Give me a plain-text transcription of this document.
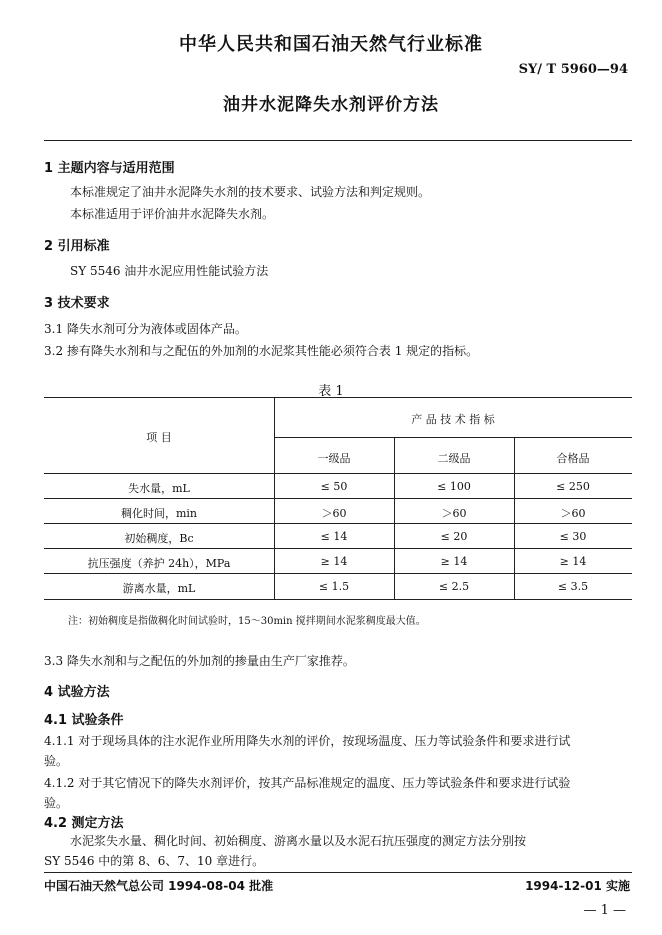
中华人民共和国石油天然气行业标准
SY/ T 5960—94
油井水泥降失水剂评价方法
1 主题内容与适用范围
本标准规定了油井水泥降失水剂的技术要求、试验方法和判定规则。
本标准适用于评价油井水泥降失水剂。
2 引用标准
SY 5546 油井水泥应用性能试验方法
3 技术要求
3.1 降失水剂可分为液体或固体产品。
3.2 掺有降失水剂和与之配伍的外加剂的水泥浆其性能必须符合表 1 规定的指标。
表 1
项 目
产 品 技 术 指 标
一级品	二级品	合格品
失水量，mL	≤ 50	≤ 100	≤ 250
稠化时间，min	＞60	＞60	＞60
初始稠度，Bc	≤ 14	≤ 20	≤ 30
抗压强度（养护 24h），MPa	≥ 14	≥ 14	≥ 14
游离水量，mL	≤ 1.5	≤ 2.5	≤ 3.5
注：初始稠度是指做稠化时间试验时，15～30min 搅拌期间水泥浆稠度最大值。
3.3 降失水剂和与之配伍的外加剂的掺量由生产厂家推荐。
4 试验方法
4.1 试验条件
4.1.1 对于现场具体的注水泥作业所用降失水剂的评价，按现场温度、压力等试验条件和要求进行试
验。
4.1.2 对于其它情况下的降失水剂评价，按其产品标准规定的温度、压力等试验条件和要求进行试验
验。
4.2 测定方法
水泥浆失水量、稠化时间、初始稠度、游离水量以及水泥石抗压强度的测定方法分别按
SY 5546 中的第 8、6、7、10 章进行。
中国石油天然气总公司 1994-08-04 批准	1994-12-01 实施
— 1 —
